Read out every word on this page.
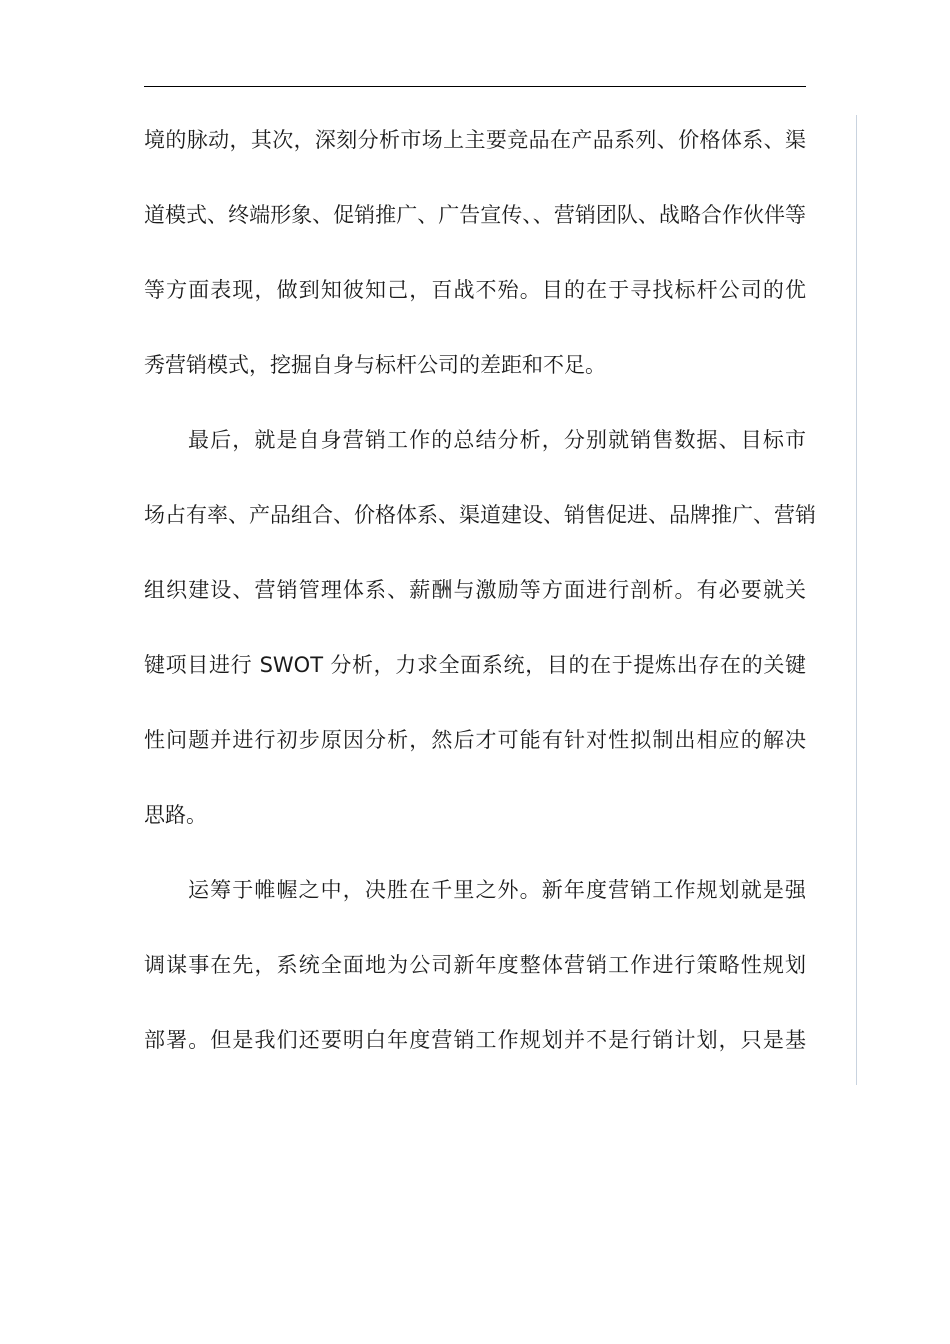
境的脉动，其次，深刻分析市场上主要竞品在产品系列、价格体系、渠
道模式、终端形象、促销推广、广告宣传、、营销团队、战略合作伙伴等
等方面表现，做到知彼知己，百战不殆。目的在于寻找标杆公司的优
秀营销模式，挖掘自身与标杆公司的差距和不足。
最后，就是自身营销工作的总结分析，分别就销售数据、目标市
场占有率、产品组合、价格体系、渠道建设、销售促进、品牌推广、营销
组织建设、营销管理体系、薪酬与激励等方面进行剖析。有必要就关
键项目进行 SWOT 分析，力求全面系统，目的在于提炼出存在的关键
性问题并进行初步原因分析，然后才可能有针对性拟制出相应的解决
思路。
运筹于帷幄之中，决胜在千里之外。新年度营销工作规划就是强
调谋事在先，系统全面地为公司新年度整体营销工作进行策略性规划
部署。但是我们还要明白年度营销工作规划并不是行销计划，只是基
